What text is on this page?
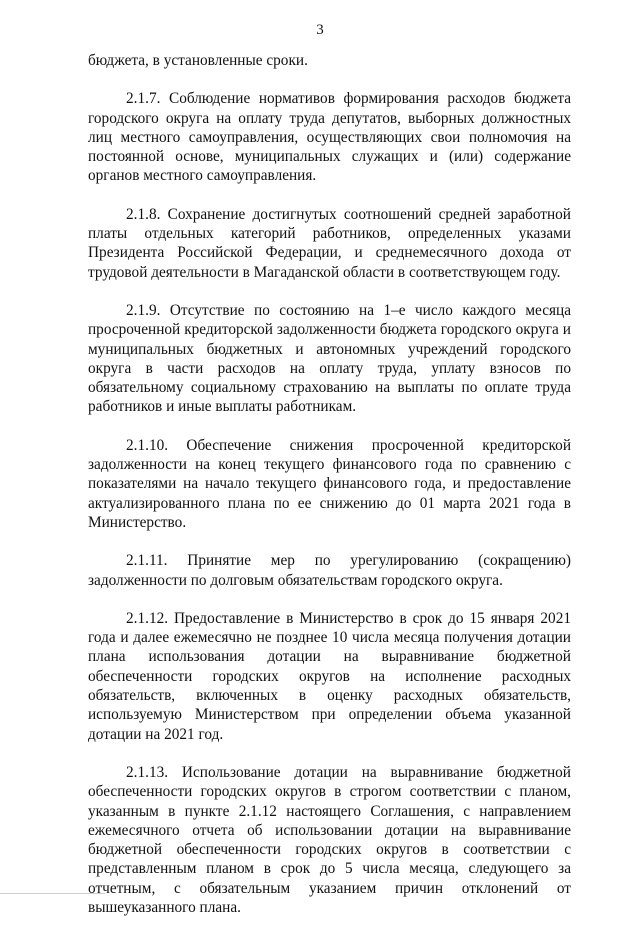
3

бюджета, в установленные сроки.

2.1.7. Соблюдение нормативов формирования расходов бюджета городского округа на оплату труда депутатов, выборных должностных лиц местного самоуправления, осуществляющих свои полномочия на постоянной основе, муниципальных служащих и (или) содержание органов местного самоуправления.

2.1.8. Сохранение достигнутых соотношений средней заработной платы отдельных категорий работников, определенных указами Президента Российской Федерации, и среднемесячного дохода от трудовой деятельности в Магаданской области в соответствующем году.

2.1.9. Отсутствие по состоянию на 1–е число каждого месяца просроченной кредиторской задолженности бюджета городского округа и муниципальных бюджетных и автономных учреждений городского округа в части расходов на оплату труда, уплату взносов по обязательному социальному страхованию на выплаты по оплате труда работников и иные выплаты работникам.

2.1.10. Обеспечение снижения просроченной кредиторской задолженности на конец текущего финансового года по сравнению с показателями на начало текущего финансового года, и предоставление актуализированного плана по ее снижению до 01 марта 2021 года в Министерство.

2.1.11. Принятие мер по урегулированию (сокращению) задолженности по долговым обязательствам городского округа.

2.1.12. Предоставление в Министерство в срок до 15 января 2021 года и далее ежемесячно не позднее 10 числа месяца получения дотации плана использования дотации на выравнивание бюджетной обеспеченности городских округов на исполнение расходных обязательств, включенных в оценку расходных обязательств, используемую Министерством при определении объема указанной дотации на 2021 год.

2.1.13. Использование дотации на выравнивание бюджетной обеспеченности городских округов в строгом соответствии с планом, указанным в пункте 2.1.12 настоящего Соглашения, с направлением ежемесячного отчета об использовании дотации на выравнивание бюджетной обеспеченности городских округов в соответствии с представленным планом в срок до 5 числа месяца, следующего за отчетным, с обязательным указанием причин отклонений от вышеуказанного плана.
